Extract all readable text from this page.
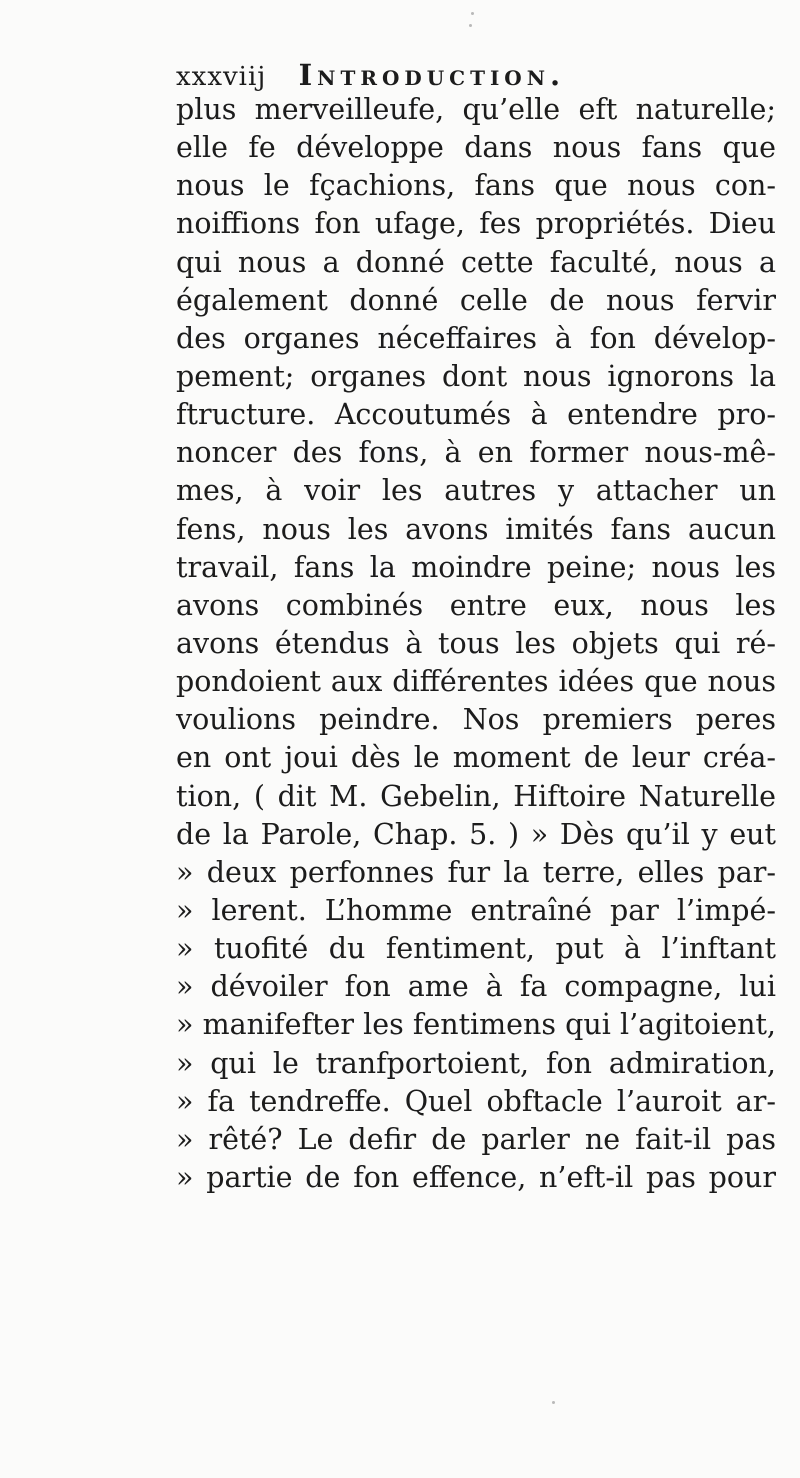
xxxviij Introduction.
plus merveilleufe, qu’elle eft naturelle;
elle fe développe dans nous fans que
nous le fçachions, fans que nous con-
noiffions fon ufage, fes propriétés. Dieu
qui nous a donné cette faculté, nous a
également donné celle de nous fervir
des organes néceffaires à fon dévelop-
pement; organes dont nous ignorons la
ftructure. Accoutumés à entendre pro-
noncer des fons, à en former nous-mê-
mes, à voir les autres y attacher un
fens, nous les avons imités fans aucun
travail, fans la moindre peine; nous les
avons combinés entre eux, nous les
avons étendus à tous les objets qui ré-
pondoient aux différentes idées que nous
voulions peindre. Nos premiers peres
en ont joui dès le moment de leur créa-
tion, ( dit M. Gebelin, Hiftoire Naturelle
de la Parole, Chap. 5. ) » Dès qu’il y eut
» deux perfonnes fur la terre, elles par-
» lerent. L’homme entraîné par l’impé-
» tuofité du fentiment, put à l’inftant
» dévoiler fon ame à fa compagne, lui
» manifefter les fentimens qui l’agitoient,
» qui le tranfportoient, fon admiration,
» fa tendreffe. Quel obftacle l’auroit ar-
» rêté? Le defir de parler ne fait-il pas
» partie de fon effence, n’eft-il pas pour
